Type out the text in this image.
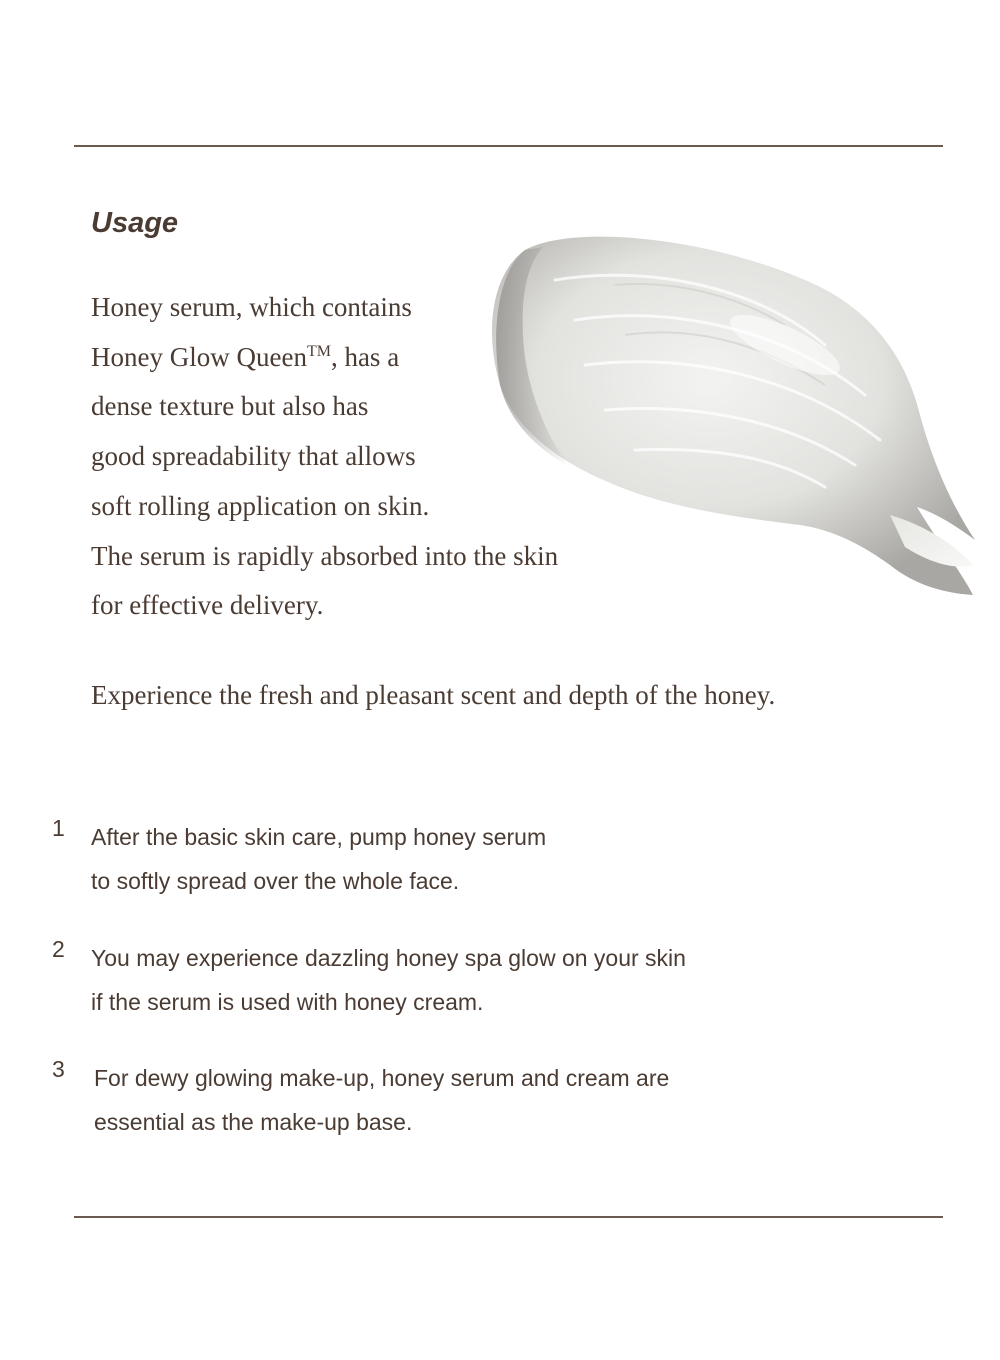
Usage
Honey serum, which contains
Honey Glow Queen™, has a
dense texture but also has
good spreadability that allows
soft rolling application on skin.
The serum is rapidly absorbed into the skin
for effective delivery.
Experience the fresh and pleasant scent and depth of the honey.
1 After the basic skin care, pump honey serum
to softly spread over the whole face.
2 You may experience dazzling honey spa glow on your skin
if the serum is used with honey cream.
3 For dewy glowing make-up, honey serum and cream are
essential as the make-up base.
